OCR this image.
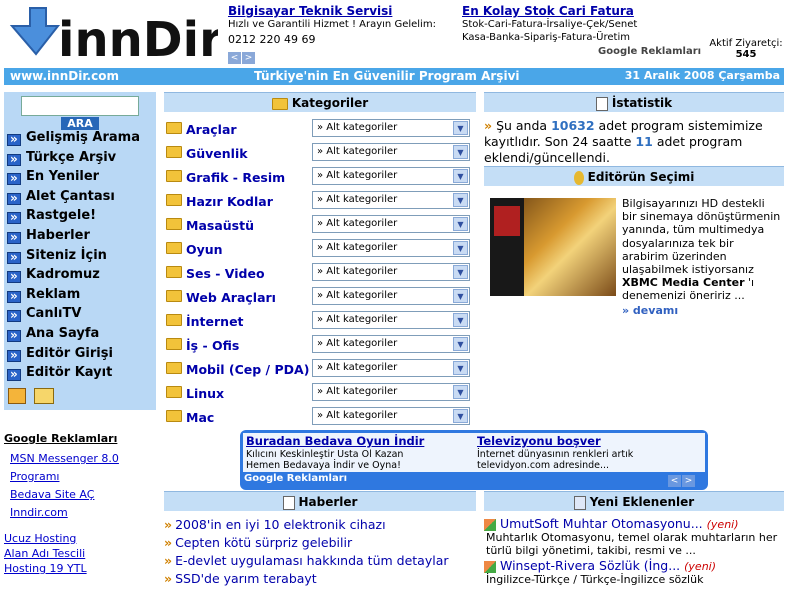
innDir
Bilgisayar Teknik Servisi
Hızlı ve Garantili Hizmet ! Arayın Gelelim:
0212 220 49 69
< >
En Kolay Stok Cari Fatura
Stok-Cari-Fatura-İrsaliye-Çek/Senet
Kasa-Banka-Sipariş-Fatura-Üretim
Google Reklamları
Aktif Ziyaretçi:
545
www.innDir.com	Türkiye'nin En Güvenilir Program Arşivi	31 Aralık 2008 Çarşamba
ARA
»
Gelişmiş Arama
»
Türkçe Arşiv
»
En Yeniler
»
Alet Çantası
»
Rastgele!
»
Haberler
»
Siteniz İçin
»
Kadromuz
»
Reklam
»
CanlıTV
»
Ana Sayfa
»
Editör Girişi
»
Editör Kayıt

Google Reklamları
MSN Messenger 8.0
Programı
Bedava Site AÇ
Inndir.com
Ucuz Hosting
Alan Adı Tescili
Hosting 19 YTL
Kategoriler
Araçlar	» Alt kategoriler	▼
Güvenlik	» Alt kategoriler	▼
Grafik - Resim	» Alt kategoriler	▼
Hazır Kodlar	» Alt kategoriler	▼
Masaüstü	» Alt kategoriler	▼
Oyun	» Alt kategoriler	▼
Ses - Video	» Alt kategoriler	▼
Web Araçları	» Alt kategoriler	▼
İnternet	» Alt kategoriler	▼
İş - Ofis	» Alt kategoriler	▼
Mobil (Cep / PDA) » Alt kategoriler	▼
Linux	» Alt kategoriler	▼
Mac	» Alt kategoriler	▼
İstatistik
» Şu anda 10632 adet program sistemimize kayıtlıdır. Son 24 saatte 11 adet program eklendi/güncellendi.
Editörün Seçimi
Bilgisayarınızı HD destekli bir sinemaya dönüştürmenin yanında, tüm multimedya dosyalarınıza tek bir arabirim üzerinden ulaşabilmek istiyorsanız XBMC Media Center 'ı denemenizi öneririz ...
» devamı
Buradan Bedava Oyun İndir
Kılıcını Keskinleştir Usta Ol Kazan
Hemen Bedavaya İndir ve Oyna!
Televizyonu boşver
İnternet dünyasının renkleri artık
televidyon.com adresinde...
Google Reklamları	< >
Haberler
» 2008'in en iyi 10 elektronik cihazı
» Cepten kötü sürpriz gelebilir
» E-devlet uygulaması hakkında tüm detaylar
» SSD'de yarım terabayt
Yeni Eklenenler
UmutSoft Muhtar Otomasyonu... (yeni)
Muhtarlık Otomasyonu, temel olarak muhtarların her türlü bilgi yönetimi, takibi, resmi ve ...
Winsept-Rivera Sözlük (İng... (yeni)
İngilizce-Türkçe / Türkçe-İngilizce sözlük
